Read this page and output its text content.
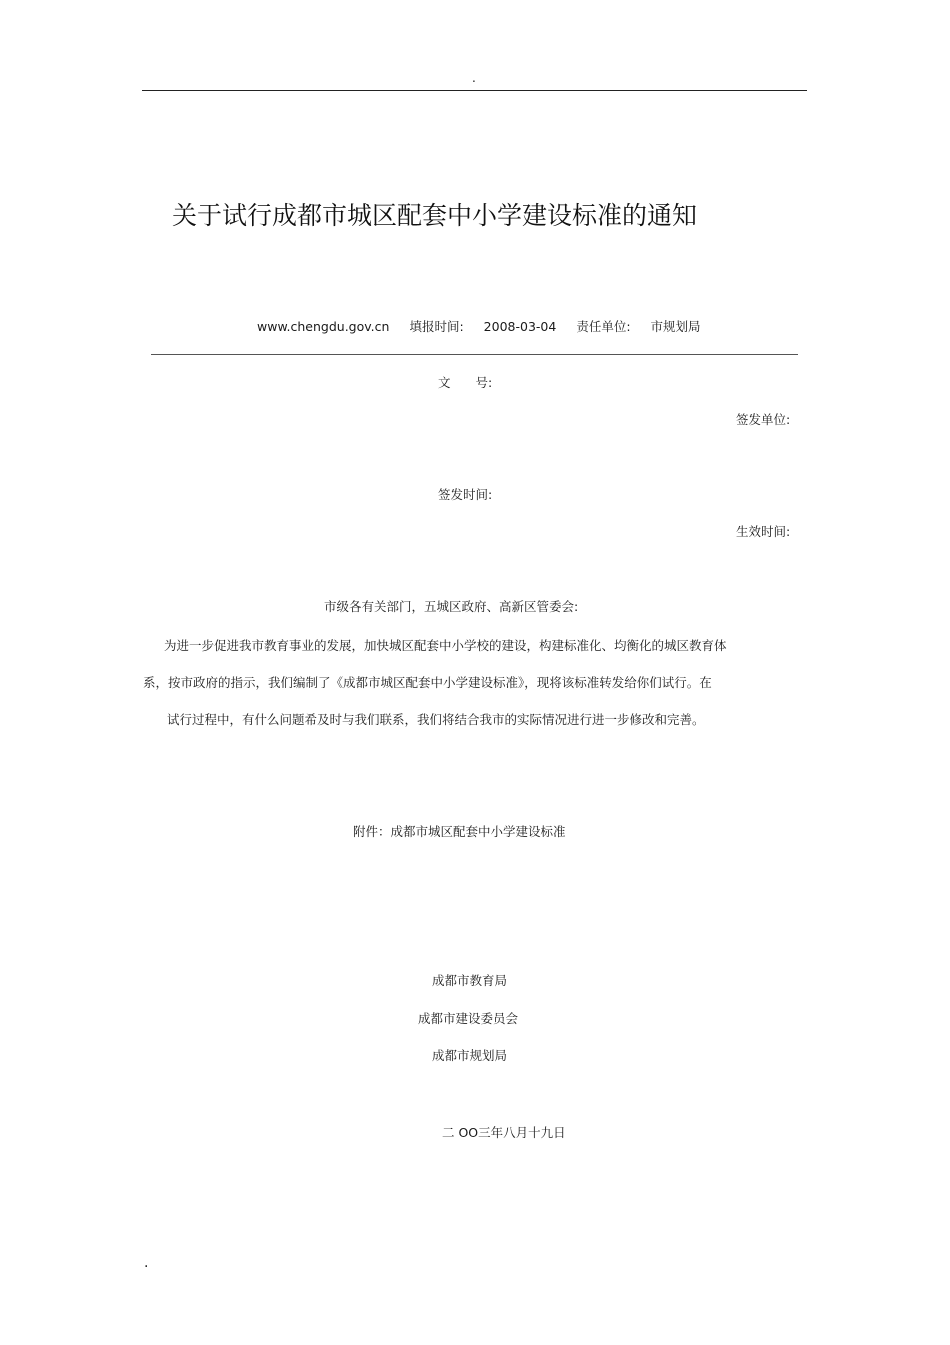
.
关于试行成都市城区配套中小学建设标准的通知
www.chengdu.gov.cn 填报时间: 2008-03-04 责任单位: 市规划局
文　　号:
签发单位:
签发时间:
生效时间:
市级各有关部门，五城区政府、高新区管委会:
为进一步促进我市教育事业的发展，加快城区配套中小学校的建设，构建标准化、均衡化的城区教育体
系，按市政府的指示，我们编制了《成都市城区配套中小学建设标准》，现将该标准转发给你们试行。在
试行过程中，有什么问题希及时与我们联系，我们将结合我市的实际情况进行进一步修改和完善。
附件：成都市城区配套中小学建设标准
成都市教育局
成都市建设委员会
成都市规划局
二 OO三年八月十九日
.
